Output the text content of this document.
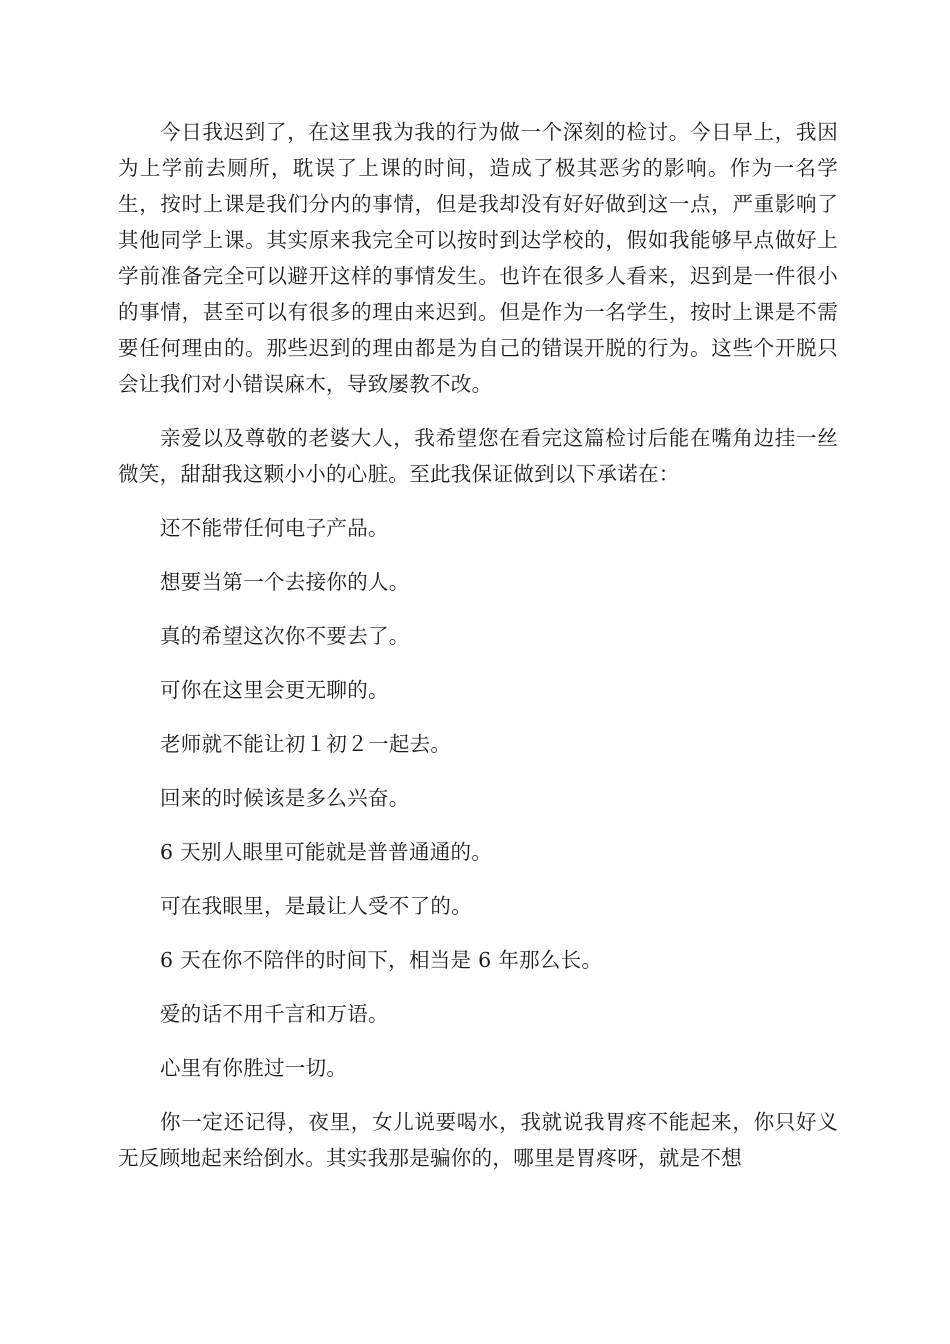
今日我迟到了，在这里我为我的行为做一个深刻的检讨。今日早上，我因为上学前去厕所，耽误了上课的时间，造成了极其恶劣的影响。作为一名学生，按时上课是我们分内的事情，但是我却没有好好做到这一点，严重影响了其他同学上课。其实原来我完全可以按时到达学校的，假如我能够早点做好上学前准备完全可以避开这样的事情发生。也许在很多人看来，迟到是一件很小的事情，甚至可以有很多的理由来迟到。但是作为一名学生，按时上课是不需要任何理由的。那些迟到的理由都是为自己的错误开脱的行为。这些个开脱只会让我们对小错误麻木，导致屡教不改。

亲爱以及尊敬的老婆大人，我希望您在看完这篇检讨后能在嘴角边挂一丝微笑，甜甜我这颗小小的心脏。至此我保证做到以下承诺在：

还不能带任何电子产品。

想要当第一个去接你的人。

真的希望这次你不要去了。

可你在这里会更无聊的。

老师就不能让初１初２一起去。

回来的时候该是多么兴奋。

6 天别人眼里可能就是普普通通的。

可在我眼里，是最让人受不了的。

6 天在你不陪伴的时间下，相当是 6 年那么长。

爱的话不用千言和万语。

心里有你胜过一切。

你一定还记得，夜里，女儿说要喝水，我就说我胃疼不能起来，你只好义无反顾地起来给倒水。其实我那是骗你的，哪里是胃疼呀，就是不想
